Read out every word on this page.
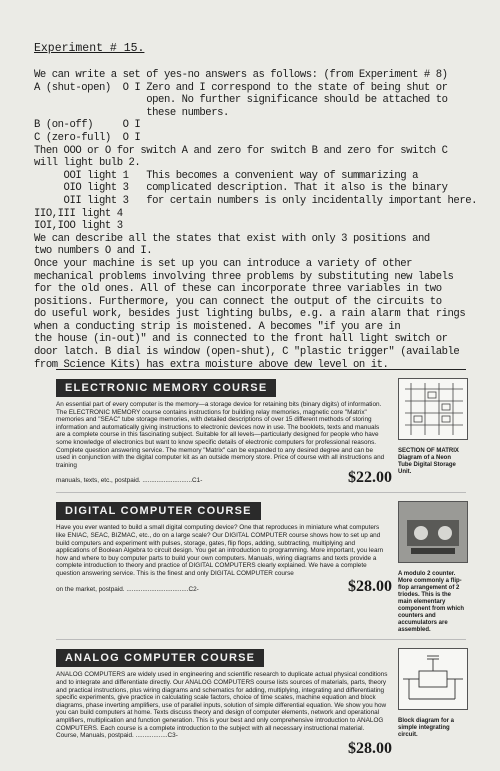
Experiment # 15.

We can write a set of yes-no answers as follows: (from Experiment # 8)

A (shut-open)  O I Zero and I correspond to the state of being shut or

open. No further significance should be attached to

these numbers.

B (on-off)     O I

C (zero-full)  O I

Then OOO or O for switch A and zero for switch B and zero for switch C

will light bulb 2.

OOI light 1   This becomes a convenient way of summarizing a

OIO light 3   complicated description. That it also is the binary

OII light 3   for certain numbers is only incidentally important here.

IIO,III light 4

IOI,IOO light 3

We can describe all the states that exist with only 3 positions and

two numbers O and I.

Once your machine is set up you can introduce a variety of other

mechanical problems involving three problems by substituting new labels

for the old ones. All of these can incorporate three variables in two

positions. Furthermore, you can connect the output of the circuits to

do useful work, besides just lighting bulbs, e.g. a rain alarm that rings

when a conducting strip is moistened. A becomes "if you are in

the house (in-out)" and is connected to the front hall light switch or

door latch. B dial is window (open-shut), C "plastic trigger" (available

from Science Kits) has extra moisture above dew level on it.

ELECTRONIC MEMORY COURSE

An essential part of every computer is the memory—a storage device for retaining bits (binary digits) of information. The ELECTRONIC MEMORY course contains instructions for building relay memories, magnetic core "Matrix" memories and "SEAC" tube storage memories, with detailed descriptions of over 15 different methods of storing information and automatically giving instructions to electronic devices now in use. The booklets, texts and manuals are a complete course in this fascinating subject. Suitable for all levels—particularly designed for people who have some knowledge of electronics but want to know specific details of electronic computers for professional reasons. Complete question answering service. The memory "Matrix" can be expanded to any desired degree and can be used in conjunction with the digital computer kit as an outside memory store. Price of course with all instructions and training

manuals, texts, etc., postpaid. ............................C1-	$22.00
SECTION OF MATRIX Diagram of a Neon Tube Digital Storage Unit.
DIGITAL COMPUTER COURSE

Have you ever wanted to build a small digital computing device? One that reproduces in miniature what computers like ENIAC, SEAC, BIZMAC, etc., do on a large scale? Our DIGITAL COMPUTER course shows how to set up and build computers and experiment with pulses, storage, gates, flip flops, adding, subtracting, multiplying and applications of Boolean Algebra to circuit design. You get an introduction to programming. More important, you learn how and where to buy computer parts to build your own computers. Manuals, wiring diagrams and texts provide a complete introduction to theory and practice of DIGITAL COMPUTERS clearly explained. We have a complete question answering service. This is the finest and only DIGITAL COMPUTER course

on the market, postpaid. ...................................C2-	$28.00
A modulo 2 counter. More commonly a flip-flop arrangement of 2 triodes. This is the main elementary component from which counters and accumulators are assembled.
ANALOG COMPUTER COURSE

ANALOG COMPUTERS are widely used in engineering and scientific research to duplicate actual physical conditions and to integrate and differentiate directly. Our ANALOG COMPUTERS course lists sources of materials, parts, theory and practical instructions, plus wiring diagrams and schematics for adding, multiplying, integrating and differentiating specific experiments, give practice in calculating scale factors, choice of time scales, machine equation and block diagrams, phase inverting amplifiers, use of parallel inputs, solution of simple differential equation. We show you how you can build computers at home. Texts discuss theory and design of computer elements, network and operational amplifiers, multiplication and function generation. This is your best and only comprehensive introduction to ANALOG COMPUTERS. Each course is a complete introduction to the subject with all necessary instructional material. Course, Manuals, postpaid. ..................C3-

$28.00
Block diagram for a simple integrating circuit.
